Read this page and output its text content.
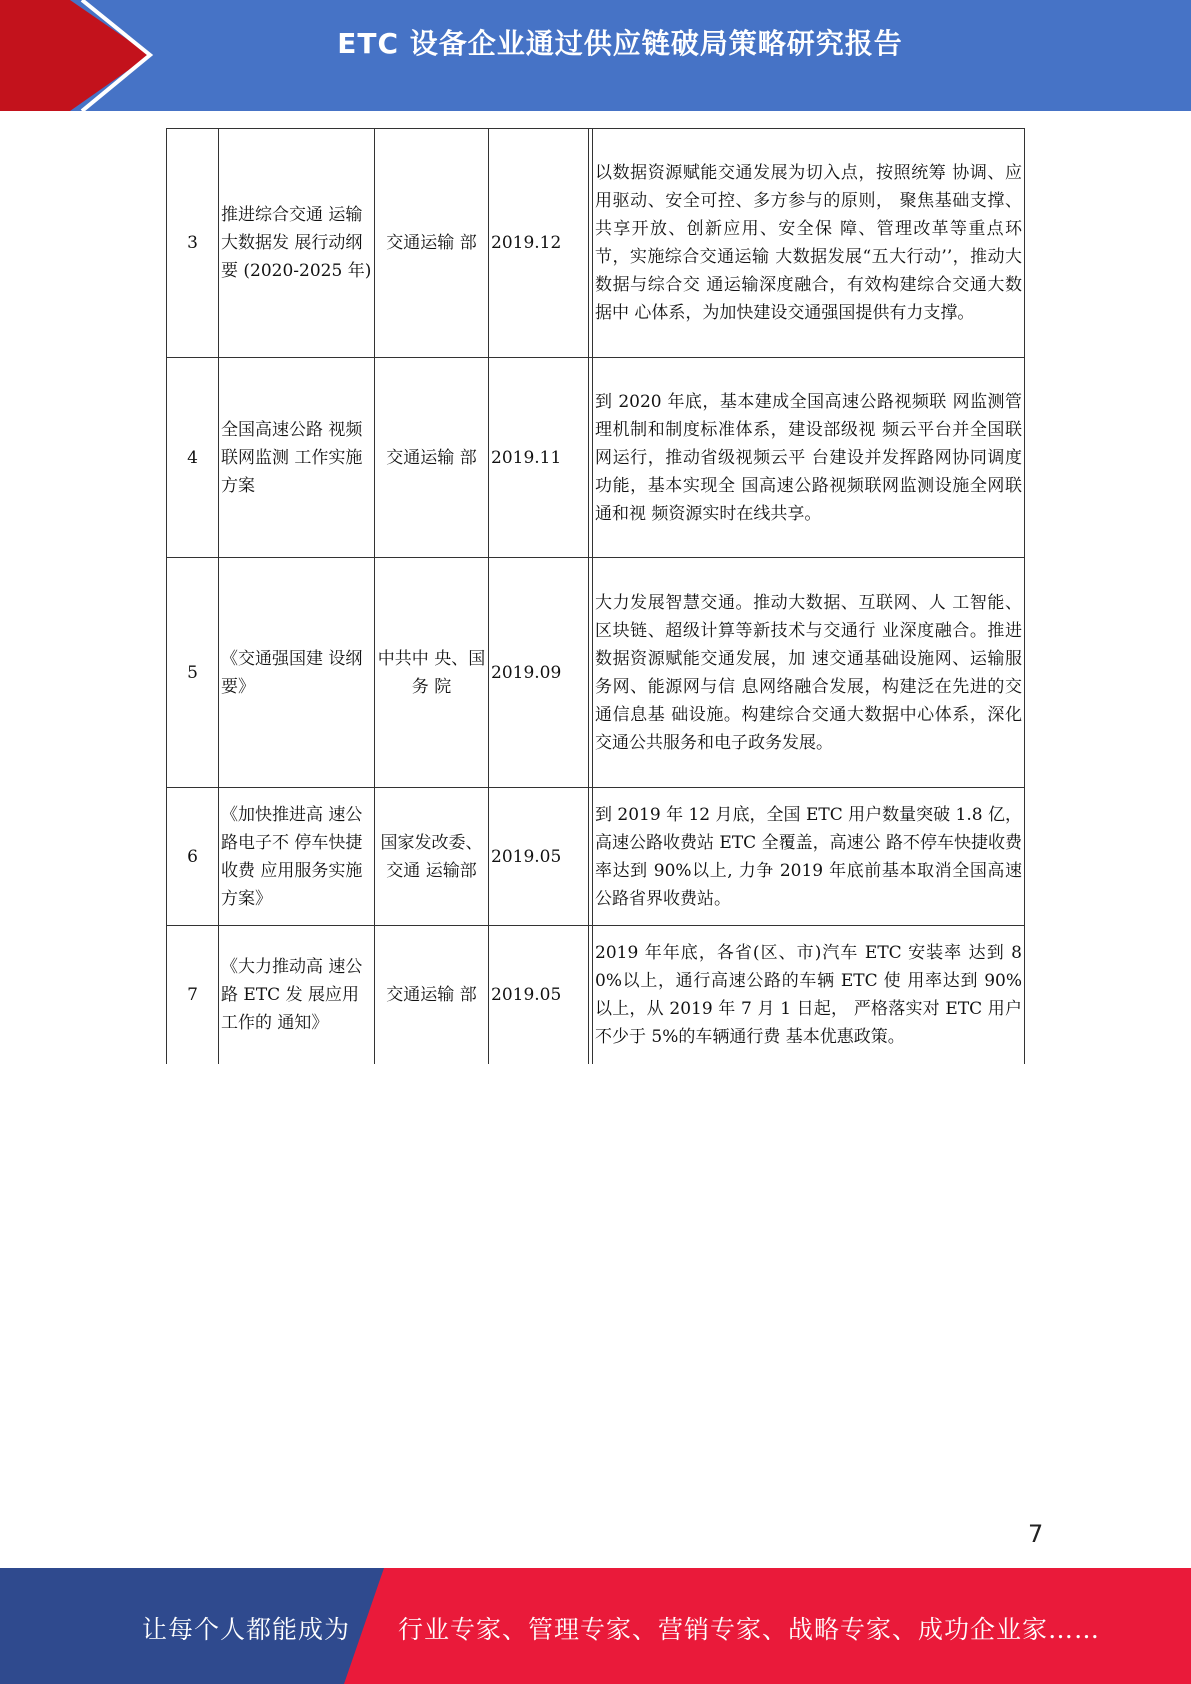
ETC 设备企业通过供应链破局策略研究报告
3	推进综合交通 运输大数据发 展行动纲要 (2020-2025 年)	交通运输 部	2019.12		以数据资源赋能交通发展为切入点，按照统筹 协调、应用驱动、安全可控、多方参与的原则， 聚焦基础支撑、共享开放、创新应用、安全保 障、管理改革等重点环节，实施综合交通运输 大数据发展“五大行动’’，推动大数据与综合交 通运输深度融合，有效构建综合交通大数据中 心体系，为加快建设交通强国提供有力支撑。
4	全国高速公路 视频联网监测 工作实施方案	交通运输 部	2019.11		到 2020 年底，基本建成全国高速公路视频联 网监测管理机制和制度标准体系，建设部级视 频云平台并全国联网运行，推动省级视频云平 台建设并发挥路网协同调度功能，基本实现全 国高速公路视频联网监测设施全网联通和视 频资源实时在线共享。
5	《交通强国建 设纲要》	中共中 央、国务 院	2019.09		大力发展智慧交通。推动大数据、互联网、人 工智能、区块链、超级计算等新技术与交通行 业深度融合。推进数据资源赋能交通发展，加 速交通基础设施网、运输服务网、能源网与信 息网络融合发展，构建泛在先进的交通信息基 础设施。构建综合交通大数据中心体系，深化 交通公共服务和电子政务发展。
6	《加快推进高 速公路电子不 停车快捷收费 应用服务实施 方案》	国家发改委、交通 运输部	2019.05		到 2019 年 12 月底，全国 ETC 用户数量突破 1.8 亿，高速公路收费站 ETC 全覆盖，高速公 路不停车快捷收费率达到 90%以上, 力争 2019 年底前基本取消全国高速公路省界收费站。
7	《大力推动高 速公路 ETC 发 展应用工作的 通知》	交通运输 部	2019.05		2019 年年底，各省(区、市)汽车 ETC 安装率 达到 80%以上，通行高速公路的车辆 ETC 使 用率达到 90%以上，从 2019 年 7 月 1 日起， 严格落实对 ETC 用户不少于 5%的车辆通行费 基本优惠政策。
7
让每个人都能成为 行业专家、管理专家、营销专家、战略专家、成功企业家……
